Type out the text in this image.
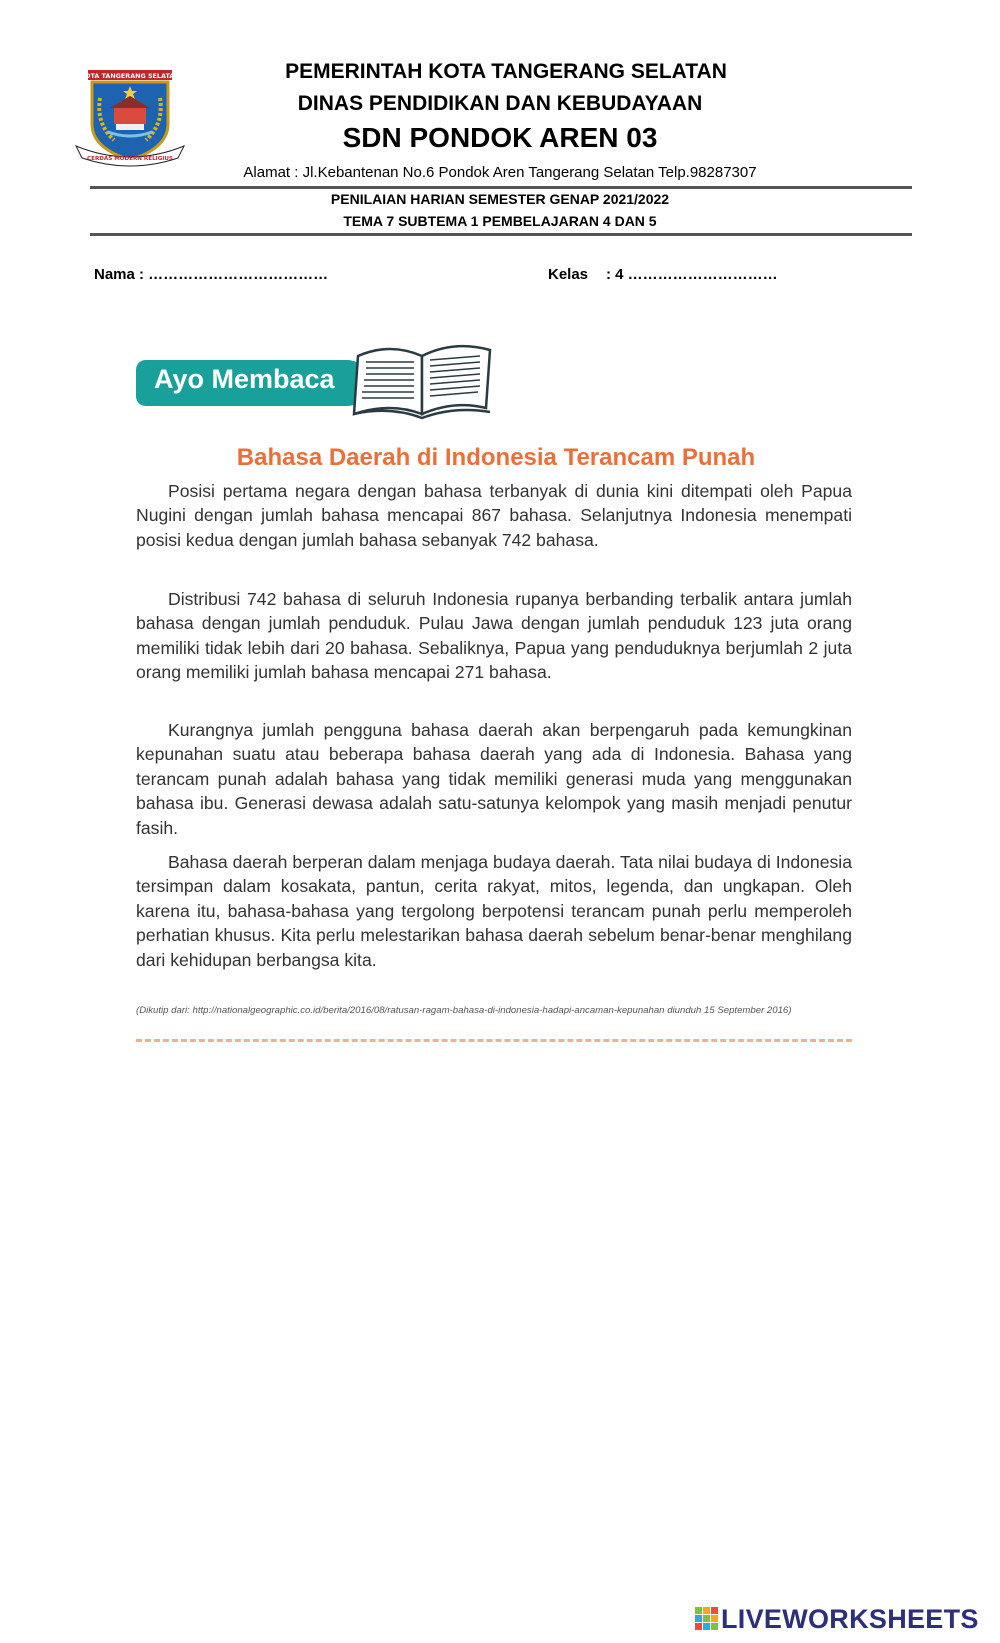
KOTA TANGERANG SELATAN
CERDAS MODERN RELIGIUS
PEMERINTAH KOTA TANGERANG SELATAN
DINAS PENDIDIKAN DAN KEBUDAYAAN
SDN PONDOK AREN 03
Alamat : Jl.Kebantenan No.6 Pondok Aren Tangerang Selatan Telp.98287307
PENILAIAN HARIAN SEMESTER GENAP 2021/2022
TEMA 7 SUBTEMA 1 PEMBELAJARAN 4 DAN 5
Nama : ………………………………	Kelas : 4 …………………………
Ayo Membaca
Bahasa Daerah di Indonesia Terancam Punah

Posisi pertama negara dengan bahasa terbanyak di dunia kini ditempati oleh Papua Nugini dengan jumlah bahasa mencapai 867 bahasa. Selanjutnya Indonesia menempati posisi kedua dengan jumlah bahasa sebanyak 742 bahasa.

Distribusi 742 bahasa di seluruh Indonesia rupanya berbanding terbalik antara jumlah bahasa dengan jumlah penduduk. Pulau Jawa dengan jumlah penduduk 123 juta orang memiliki tidak lebih dari 20 bahasa. Sebaliknya, Papua yang penduduknya berjumlah 2 juta orang memiliki jumlah bahasa mencapai 271 bahasa.

Kurangnya jumlah pengguna bahasa daerah akan berpengaruh pada kemungkinan kepunahan suatu atau beberapa bahasa daerah yang ada di Indonesia. Bahasa yang terancam punah adalah bahasa yang tidak memiliki generasi muda yang menggunakan bahasa ibu. Generasi dewasa adalah satu-satunya kelompok yang masih menjadi penutur fasih.

Bahasa daerah berperan dalam menjaga budaya daerah. Tata nilai budaya di Indonesia tersimpan dalam kosakata, pantun, cerita rakyat, mitos, legenda, dan ungkapan. Oleh karena itu, bahasa-bahasa yang tergolong berpotensi terancam punah perlu memperoleh perhatian khusus. Kita perlu melestarikan bahasa daerah sebelum benar-benar menghilang dari kehidupan berbangsa kita.

(Dikutip dari: http://nationalgeographic.co.id/berita/2016/08/ratusan-ragam-bahasa-di-indonesia-hadapi-ancaman-kepunahan diunduh 15 September 2016)
LIVEWORKSHEETS
